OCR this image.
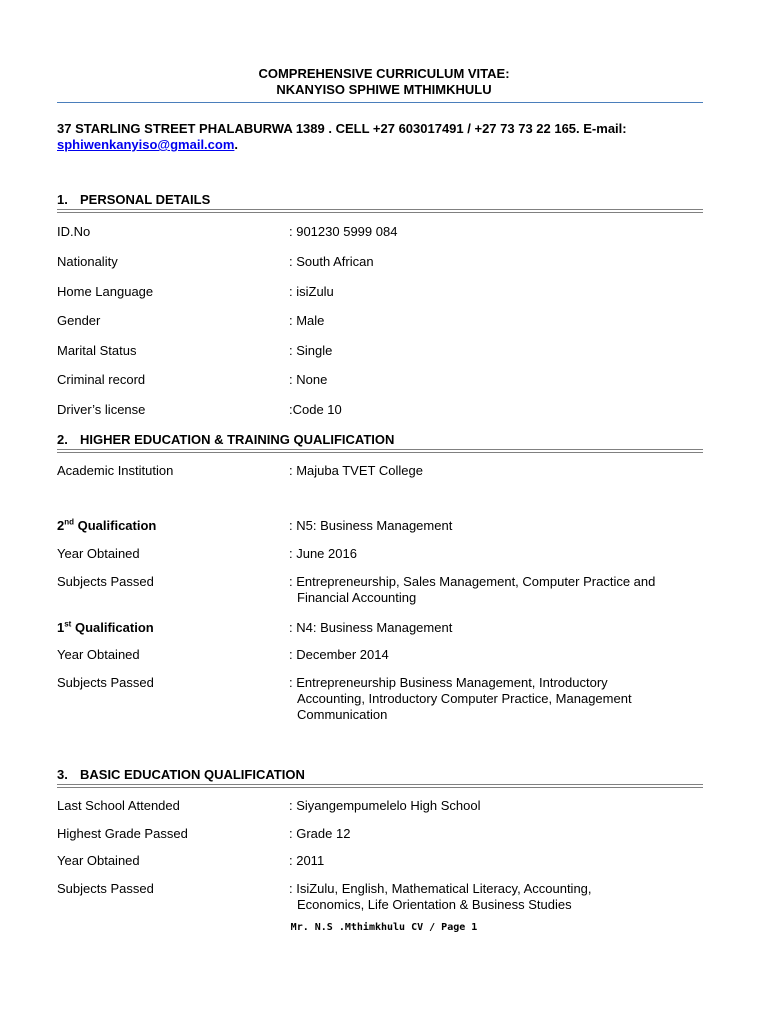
COMPREHENSIVE CURRICULUM VITAE:
NKANYISO SPHIWE MTHIMKHULU
37 STARLING STREET PHALABURWA 1389 . CELL +27 603017491 / +27 73 73 22 165. E-mail:
sphiwenkanyiso@gmail.com.
1. PERSONAL DETAILS
ID.No	: 901230 5999 084
Nationality	: South African
Home Language	: isiZulu
Gender	: Male
Marital Status	: Single
Criminal record	: None
Driver’s license	:Code 10
2. HIGHER EDUCATION & TRAINING QUALIFICATION
Academic Institution	: Majuba TVET College
2nd Qualification	: N5: Business Management
Year Obtained	: June 2016
Subjects Passed	: Entrepreneurship, Sales Management, Computer Practice and
Financial Accounting
1st Qualification	: N4: Business Management
Year Obtained	: December 2014
Subjects Passed	: Entrepreneurship Business Management, Introductory
Accounting, Introductory Computer Practice, Management
Communication
3. BASIC EDUCATION QUALIFICATION
Last School Attended	: Siyangempumelelo High School
Highest Grade Passed	: Grade 12
Year Obtained	: 2011
Subjects Passed	: IsiZulu, English, Mathematical Literacy, Accounting,
Economics, Life Orientation & Business Studies
Mr. N.S .Mthimkhulu CV / Page 1
